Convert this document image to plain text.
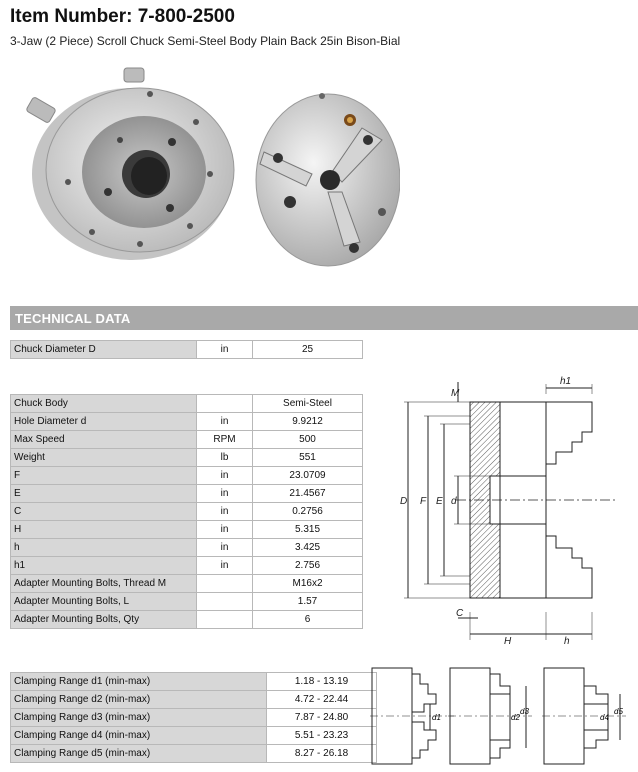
Item Number: 7-800-2500
3-Jaw (2 Piece) Scroll Chuck Semi-Steel Body Plain Back 25in Bison-Bial
TECHNICAL DATA
Chuck Diameter D	in	25
Chuck Body		Semi-Steel
Hole Diameter d	in	9.9212
Max Speed	RPM	500
Weight	lb	551
F	in	23.0709
E	in	21.4567
C	in	0.2756
H	in	5.315
h	in	3.425
h1	in	2.756
Adapter Mounting Bolts, Thread M		M16x2
Adapter Mounting Bolts, L		1.57
Adapter Mounting Bolts, Qty		6
Clamping Range d1 (min-max)	1.18 - 13.19
Clamping Range d2 (min-max)	4.72 - 22.44
Clamping Range d3 (min-max)	7.87 - 24.80
Clamping Range d4 (min-max)	5.51 - 23.23
Clamping Range d5 (min-max)	8.27 - 26.18
D F E d
M
C
H	h
h1
d1	d2
d3
d4
d5
